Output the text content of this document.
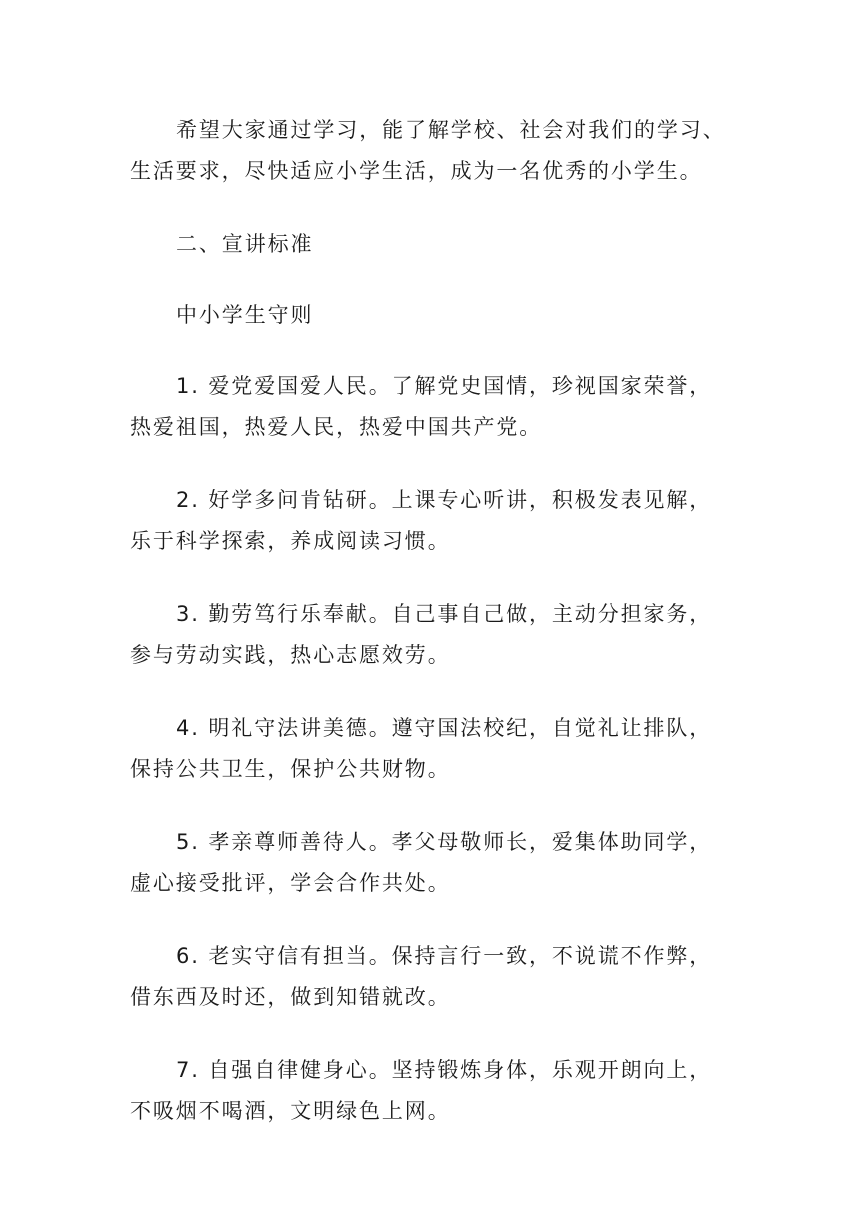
希望大家通过学习，能了解学校、社会对我们的学习、生活要求，尽快适应小学生活，成为一名优秀的小学生。

二、宣讲标准

中小学生守则

1. 爱党爱国爱人民。了解党史国情，珍视国家荣誉，热爱祖国，热爱人民，热爱中国共产党。

2. 好学多问肯钻研。上课专心听讲，积极发表见解，乐于科学探索，养成阅读习惯。

3. 勤劳笃行乐奉献。自己事自己做，主动分担家务，参与劳动实践，热心志愿效劳。

4. 明礼守法讲美德。遵守国法校纪，自觉礼让排队，保持公共卫生，保护公共财物。

5. 孝亲尊师善待人。孝父母敬师长，爱集体助同学，虚心接受批评，学会合作共处。

6. 老实守信有担当。保持言行一致，不说谎不作弊，借东西及时还，做到知错就改。

7. 自强自律健身心。坚持锻炼身体，乐观开朗向上，不吸烟不喝酒，文明绿色上网。
